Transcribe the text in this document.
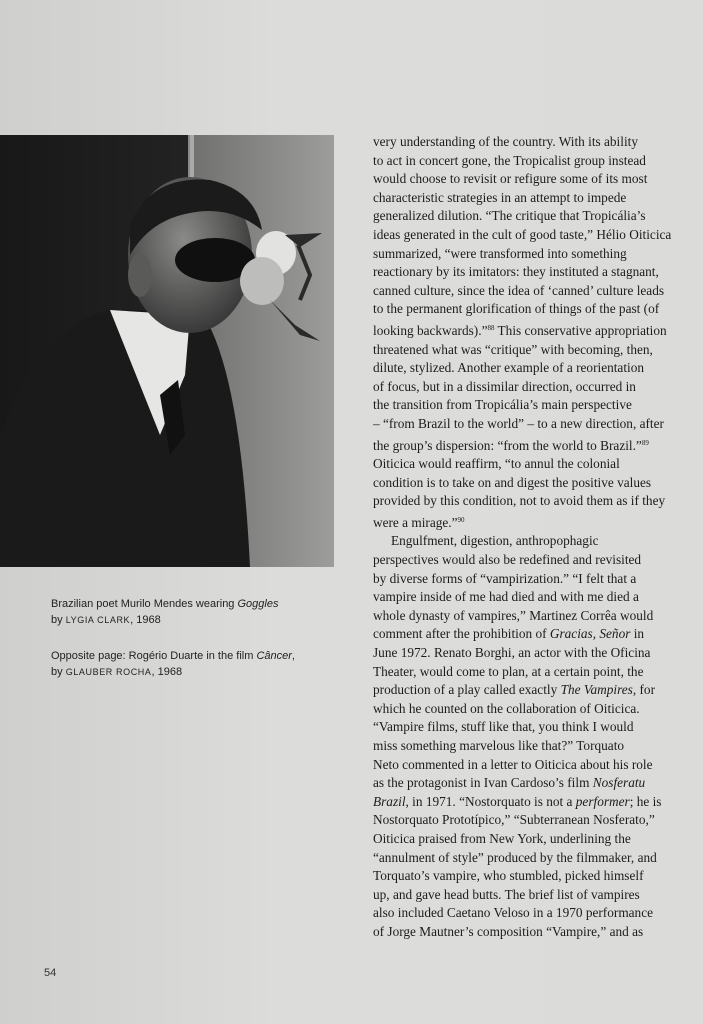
Brazilian poet Murilo Mendes wearing Goggles
by LYGIA CLARK, 1968
Opposite page: Rogério Duarte in the film Câncer,
by GLAUBER ROCHA, 1968

very understanding of the country. With its ability

to act in concert gone, the Tropicalist group instead

would choose to revisit or refigure some of its most

characteristic strategies in an attempt to impede

generalized dilution. “The critique that Tropicália’s

ideas generated in the cult of good taste,” Hélio Oiticica

summarized, “were transformed into something

reactionary by its imitators: they instituted a stagnant,

canned culture, since the idea of ‘canned’ culture leads

to the permanent glorification of things of the past (of

looking backwards).”$^{88}$ This conservative appropriation

threatened what was “critique” with becoming, then,

dilute, stylized. Another example of a reorientation

of focus, but in a dissimilar direction, occurred in

the transition from Tropicália’s main perspective

– “from Brazil to the world” – to a new direction, after

the group’s dispersion: “from the world to Brazil.”$^{89}$

Oiticica would reaffirm, “to annul the colonial

condition is to take on and digest the positive values

provided by this condition, not to avoid them as if they

were a mirage.”$^{90}$

Engulfment, digestion, anthropophagic

perspectives would also be redefined and revisited

by diverse forms of “vampirization.” “I felt that a

vampire inside of me had died and with me died a

whole dynasty of vampires,” Martinez Corrêa would

comment after the prohibition of Gracias, Señor in

June 1972. Renato Borghi, an actor with the Oficina

Theater, would come to plan, at a certain point, the

production of a play called exactly The Vampires, for

which he counted on the collaboration of Oiticica.

“Vampire films, stuff like that, you think I would

miss something marvelous like that?” Torquato

Neto commented in a letter to Oiticica about his role

as the protagonist in Ivan Cardoso’s film Nosferatu

Brazil, in 1971. “Nostorquato is not a performer; he is

Nostorquato Prototípico,” “Subterranean Nosferato,”

Oiticica praised from New York, underlining the

“annulment of style” produced by the filmmaker, and

Torquato’s vampire, who stumbled, picked himself

up, and gave head butts. The brief list of vampires

also included Caetano Veloso in a 1970 performance

of Jorge Mautner’s composition “Vampire,” and as

54
